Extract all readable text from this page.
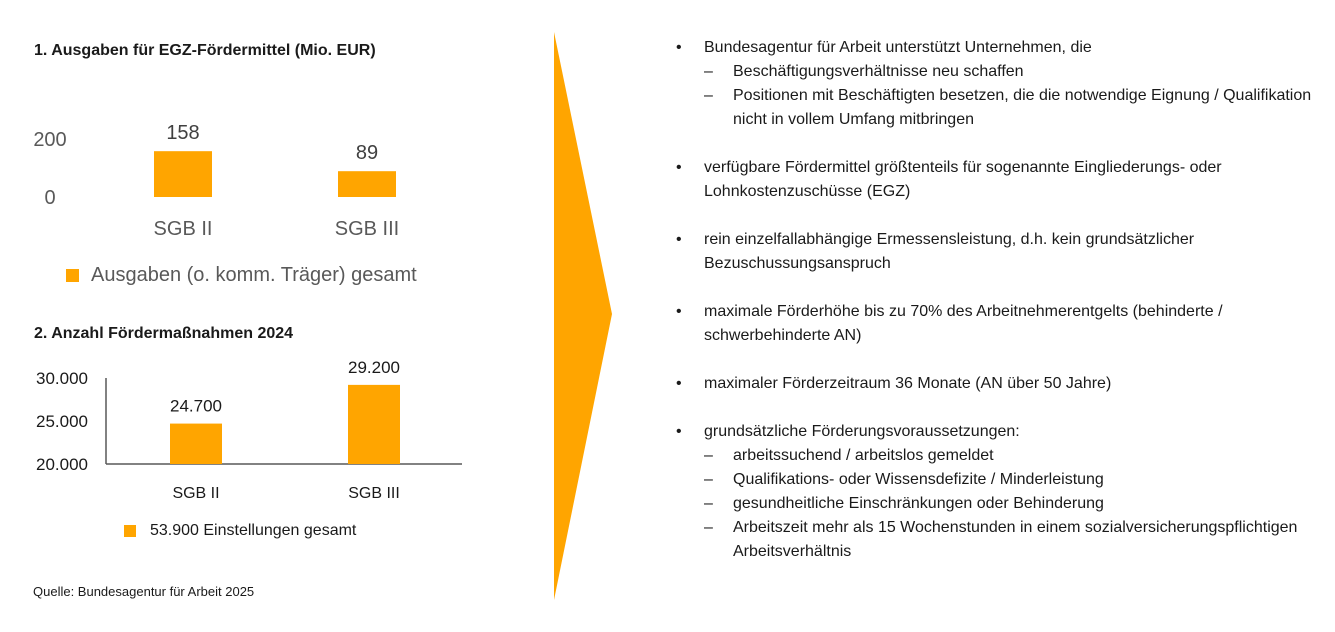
1. Ausgaben für EGZ-Fördermittel (Mio. EUR)
0
200	158
SGB II
89
SGB III
Ausgaben (o. komm. Träger) gesamt
2. Anzahl Fördermaßnahmen 2024
20.000
25.000
30.000
24.700
SGB II
29.200
SGB III
53.900 Einstellungen gesamt
Quelle: Bundesagentur für Arbeit 2025
• Bundesagentur für Arbeit unterstützt Unternehmen, die
– Beschäftigungsverhältnisse neu schaffen
– Positionen mit Beschäftigten besetzen, die die notwendige Eignung / Qualifikation nicht in vollem Umfang mitbringen
• verfügbare Fördermittel größtenteils für sogenannte Eingliederungs- oder Lohnkostenzuschüsse (EGZ)
• rein einzelfallabhängige Ermessensleistung, d.h. kein grundsätzlicher Bezuschussungsanspruch
• maximale Förderhöhe bis zu 70% des Arbeitnehmerentgelts (behinderte / schwerbehinderte AN)
• maximaler Förderzeitraum 36 Monate (AN über 50 Jahre)
• grundsätzliche Förderungsvoraussetzungen:
– arbeitssuchend / arbeitslos gemeldet
– Qualifikations- oder Wissensdefizite / Minderleistung
– gesundheitliche Einschränkungen oder Behinderung
– Arbeitszeit mehr als 15 Wochenstunden in einem sozialversicherungspflichtigen Arbeitsverhältnis
